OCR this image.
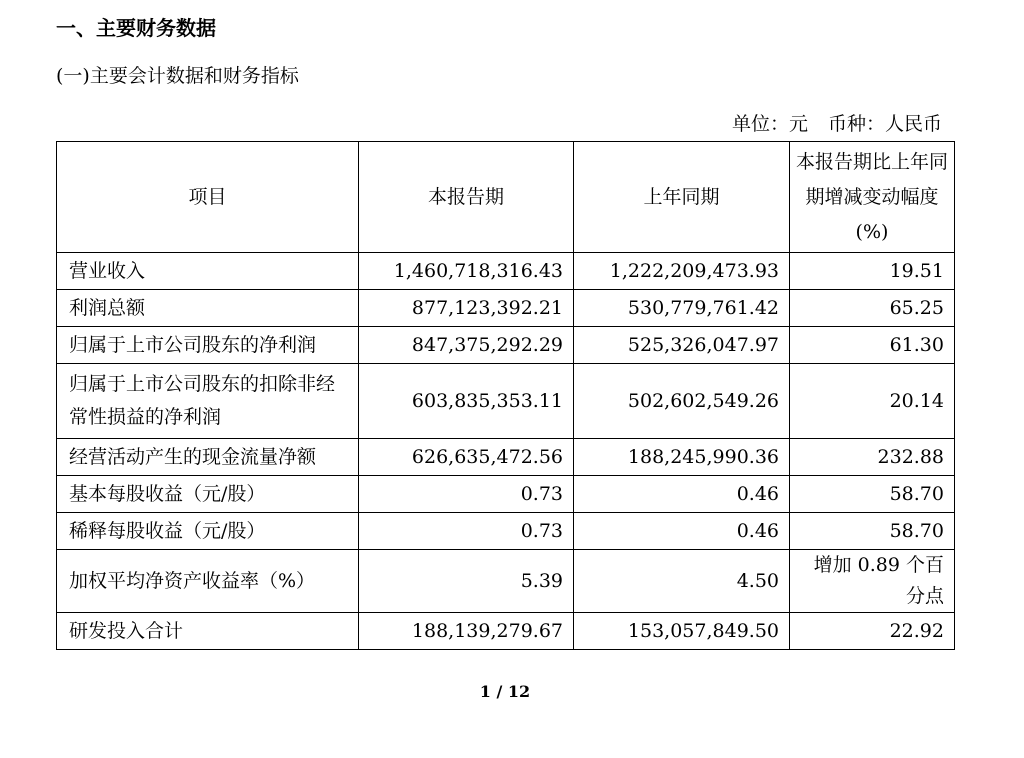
一、主要财务数据
(一)主要会计数据和财务指标
单位：元 币种：人民币
项目	本报告期	上年同期	本报告期比上年同期增减变动幅度(%)
营业收入	1,460,718,316.43	1,222,209,473.93	19.51
利润总额	877,123,392.21	530,779,761.42	65.25
归属于上市公司股东的净利润	847,375,292.29	525,326,047.97	61.30
归属于上市公司股东的扣除非经常性损益的净利润	603,835,353.11	502,602,549.26	20.14
经营活动产生的现金流量净额	626,635,472.56	188,245,990.36	232.88
基本每股收益（元/股）	0.73	0.46	58.70
稀释每股收益（元/股）	0.73	0.46	58.70
加权平均净资产收益率（%）	5.39	4.50	增加 0.89 个百分点
研发投入合计	188,139,279.67	153,057,849.50	22.92
1 / 12
